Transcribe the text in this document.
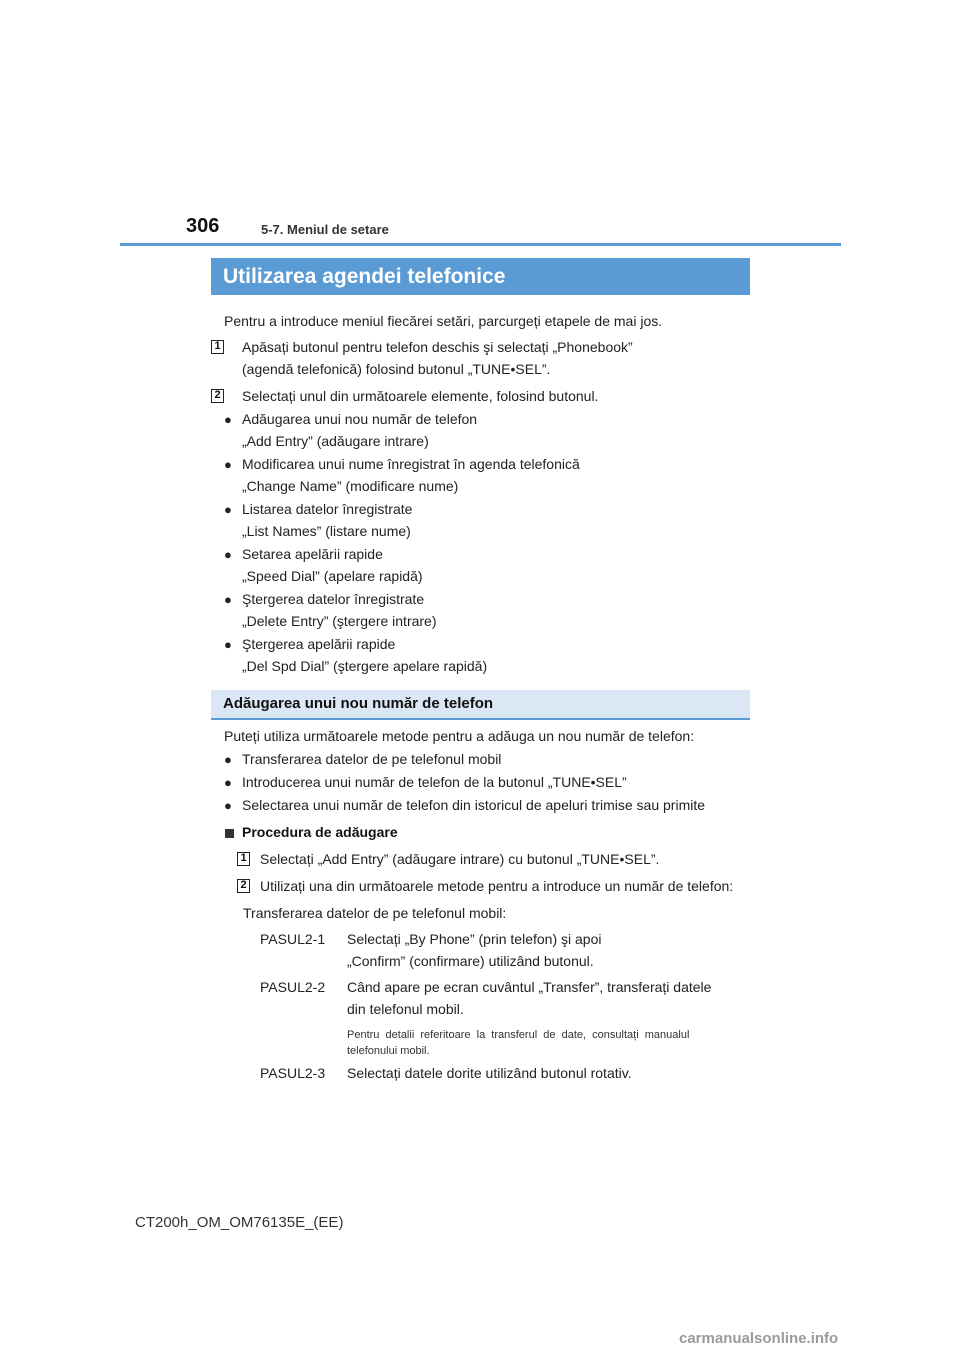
306	5-7. Meniul de setare
Utilizarea agendei telefonice
Pentru a introduce meniul fiecărei setări, parcurgeți etapele de mai jos.
1 Apăsați butonul pentru telefon deschis şi selectați „Phonebook”
(agendă telefonică) folosind butonul „TUNE•SEL”.
2 Selectați unul din următoarele elemente, folosind butonul.
● Adăugarea unui nou număr de telefon
„Add Entry” (adăugare intrare)
● Modificarea unui nume înregistrat în agenda telefonică
„Change Name” (modificare nume)
● Listarea datelor înregistrate
„List Names” (listare nume)
● Setarea apelării rapide
„Speed Dial” (apelare rapidă)
● Ştergerea datelor înregistrate
„Delete Entry” (ştergere intrare)
● Ştergerea apelării rapide
„Del Spd Dial” (ştergere apelare rapidă)
Adăugarea unui nou număr de telefon
Puteți utiliza următoarele metode pentru a adăuga un nou număr de telefon:
● Transferarea datelor de pe telefonul mobil
● Introducerea unui număr de telefon de la butonul „TUNE•SEL”
● Selectarea unui număr de telefon din istoricul de apeluri trimise sau primite
Procedura de adăugare
1 Selectați „Add Entry” (adăugare intrare) cu butonul „TUNE•SEL”.
2 Utilizați una din următoarele metode pentru a introduce un număr de telefon:
Transferarea datelor de pe telefonul mobil:
PASUL2-1 Selectați „By Phone” (prin telefon) şi apoi
„Confirm” (confirmare) utilizând butonul.
PASUL2-2 Când apare pe ecran cuvântul „Transfer”, transferați datele
din telefonul mobil.
Pentru  detalii  referitoare  la  transferul  de  date,  consultați  manualul
telefonului mobil.
PASUL2-3 Selectați datele dorite utilizând butonul rotativ.
CT200h_OM_OM76135E_(EE)
carmanualsonline.info
